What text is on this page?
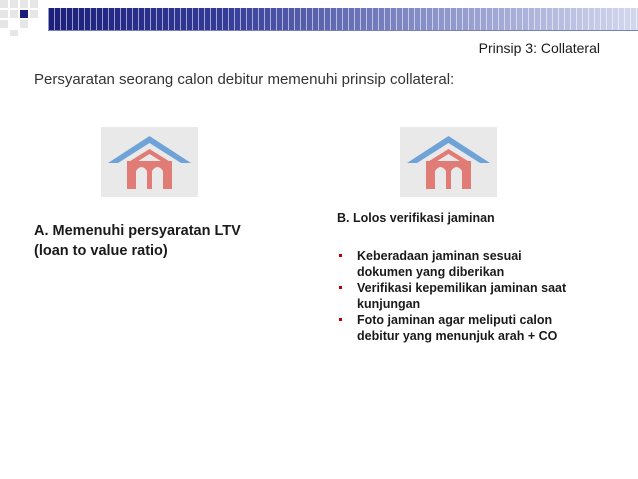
Prinsip 3: Collateral
Persyaratan seorang calon debitur memenuhi prinsip collateral:
A. Memenuhi persyaratan LTV
(loan to value ratio)
B. Lolos verifikasi jaminan
Keberadaan jaminan sesuai
dokumen yang diberikan
Verifikasi kepemilikan jaminan saat
kunjungan
Foto jaminan agar meliputi calon
debitur yang menunjuk arah + CO
